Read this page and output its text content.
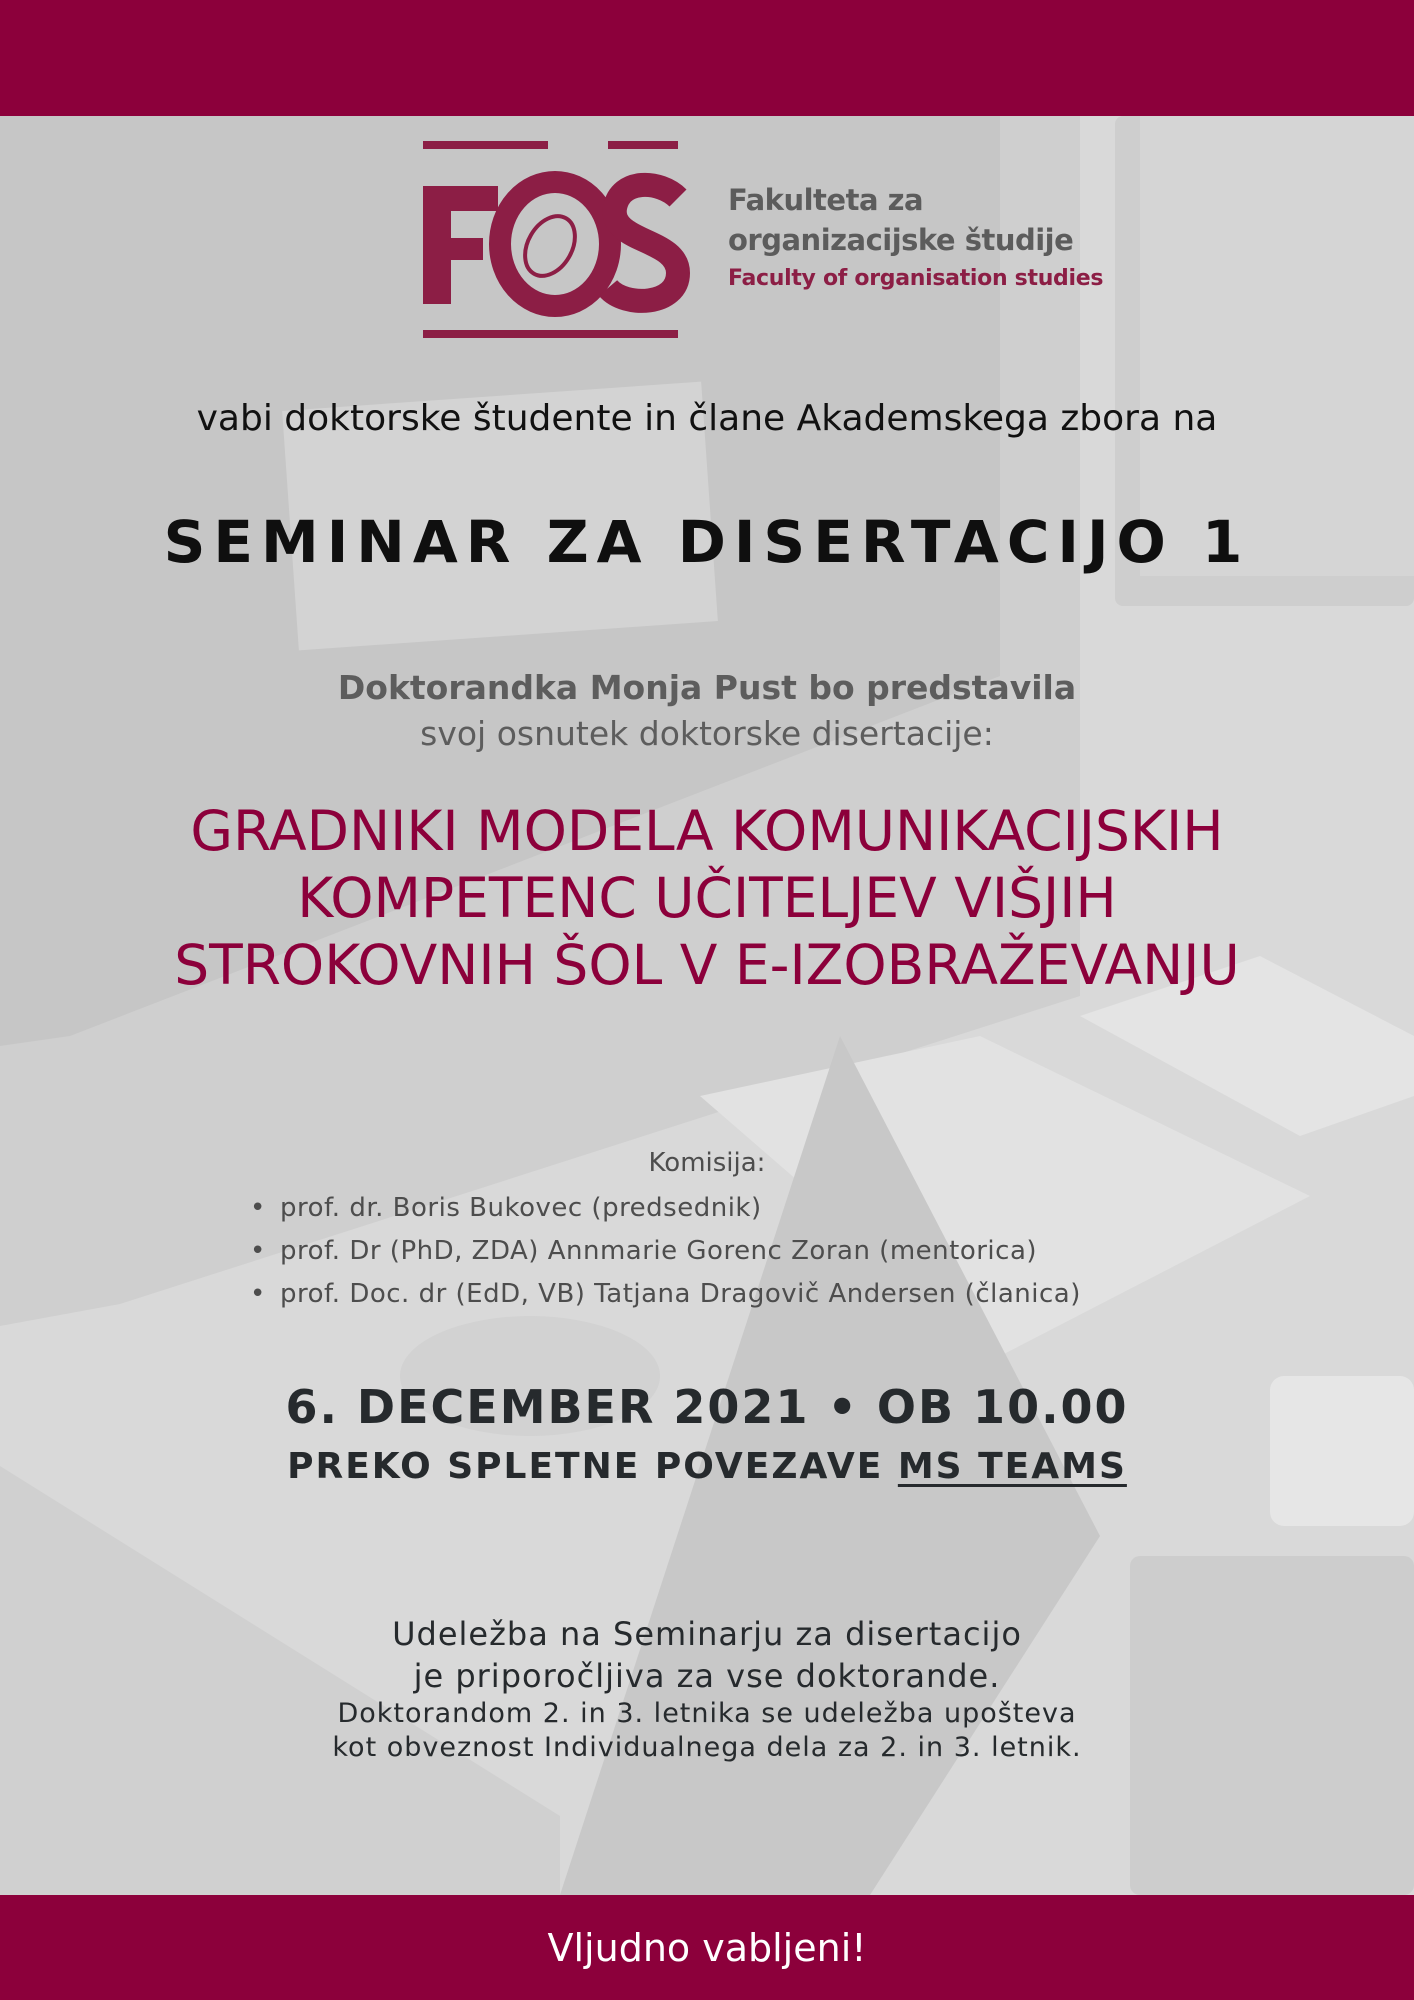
Fakulteta za
organizacijske študije
Faculty of organisation studies
vabi doktorske študente in člane Akademskega zbora na
SEMINAR ZA DISERTACIJO 1
Doktorandka Monja Pust bo predstavila
svoj osnutek doktorske disertacije:
GRADNIKI MODELA KOMUNIKACIJSKIH
KOMPETENC UČITELJEV VIŠJIH
STROKOVNIH ŠOL V E-IZOBRAŽEVANJU
Komisija:
• prof. dr. Boris Bukovec (predsednik)
• prof. Dr (PhD, ZDA) Annmarie Gorenc Zoran (mentorica)
• prof. Doc. dr (EdD, VB) Tatjana Dragovič Andersen (članica)
6. DECEMBER 2021 • OB 10.00
PREKO SPLETNE POVEZAVE MS TEAMS
Udeležba na Seminarju za disertacijo
je priporočljiva za vse doktorande.
Doktorandom 2. in 3. letnika se udeležba upošteva
kot obveznost Individualnega dela za 2. in 3. letnik.
Vljudno vabljeni!
